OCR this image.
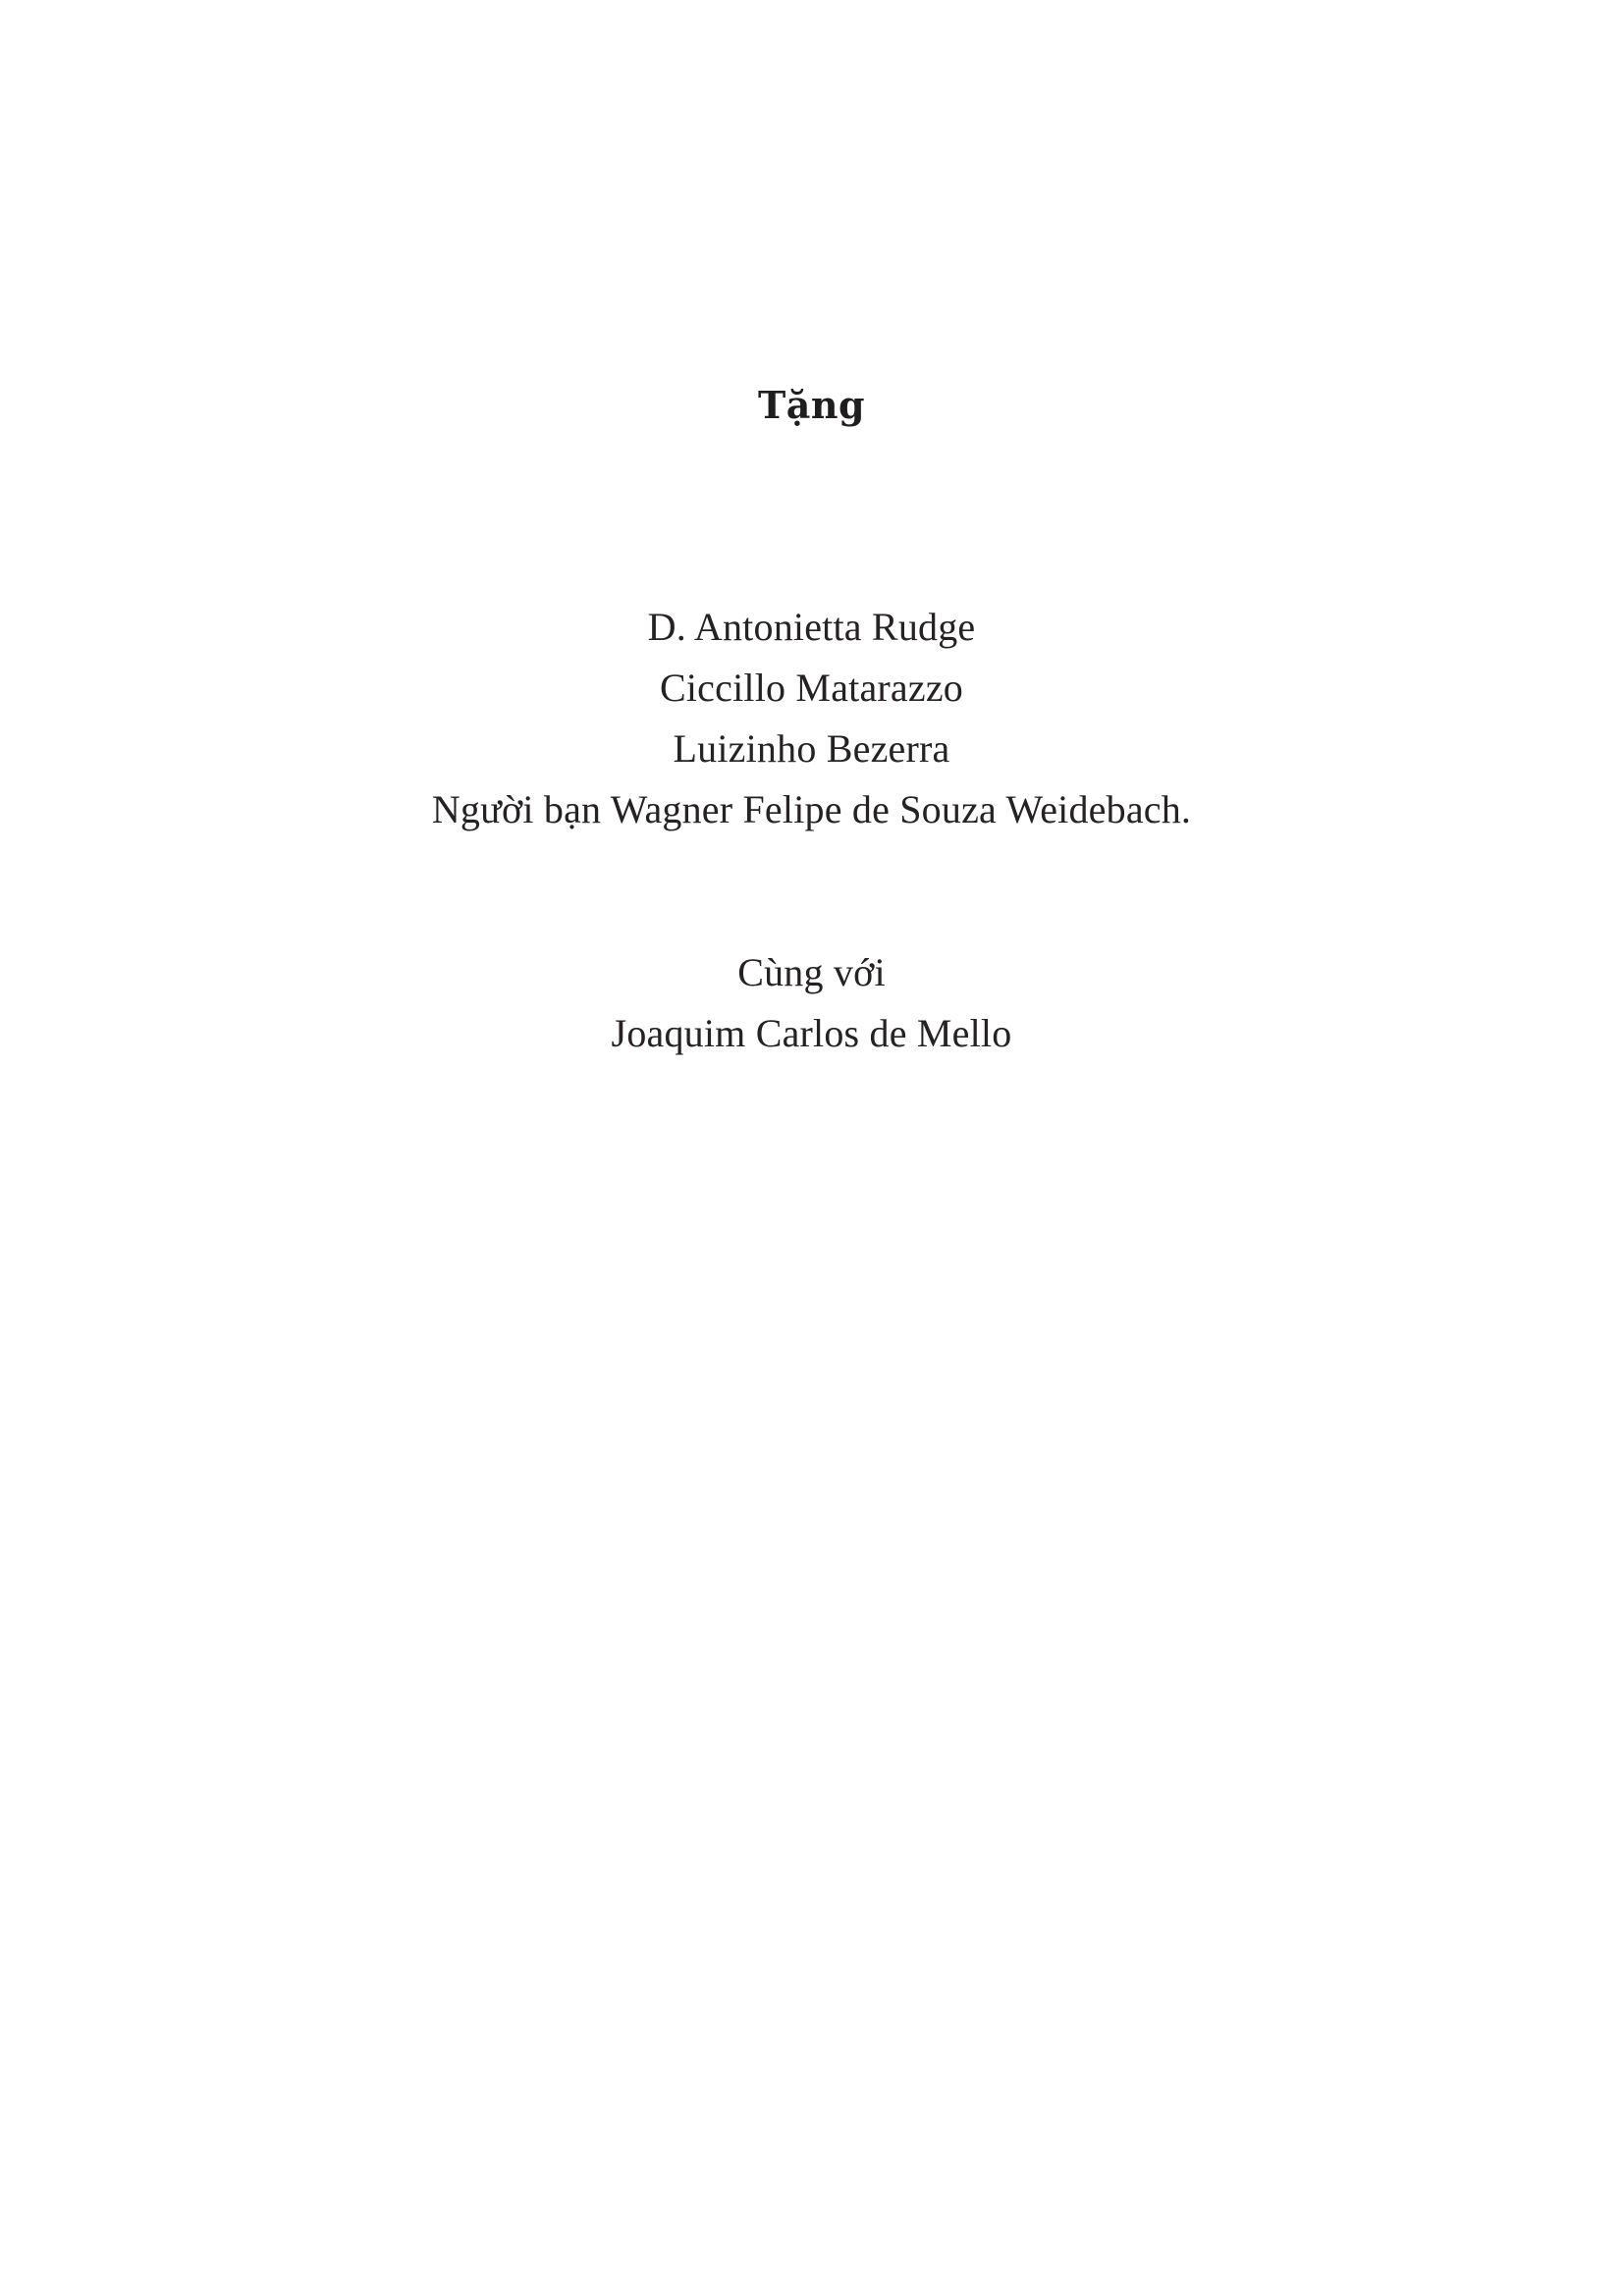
Tặng
D. Antonietta Rudge
Ciccillo Matarazzo
Luizinho Bezerra
Người bạn Wagner Felipe de Souza Weidebach.
Cùng với
Joaquim Carlos de Mello
